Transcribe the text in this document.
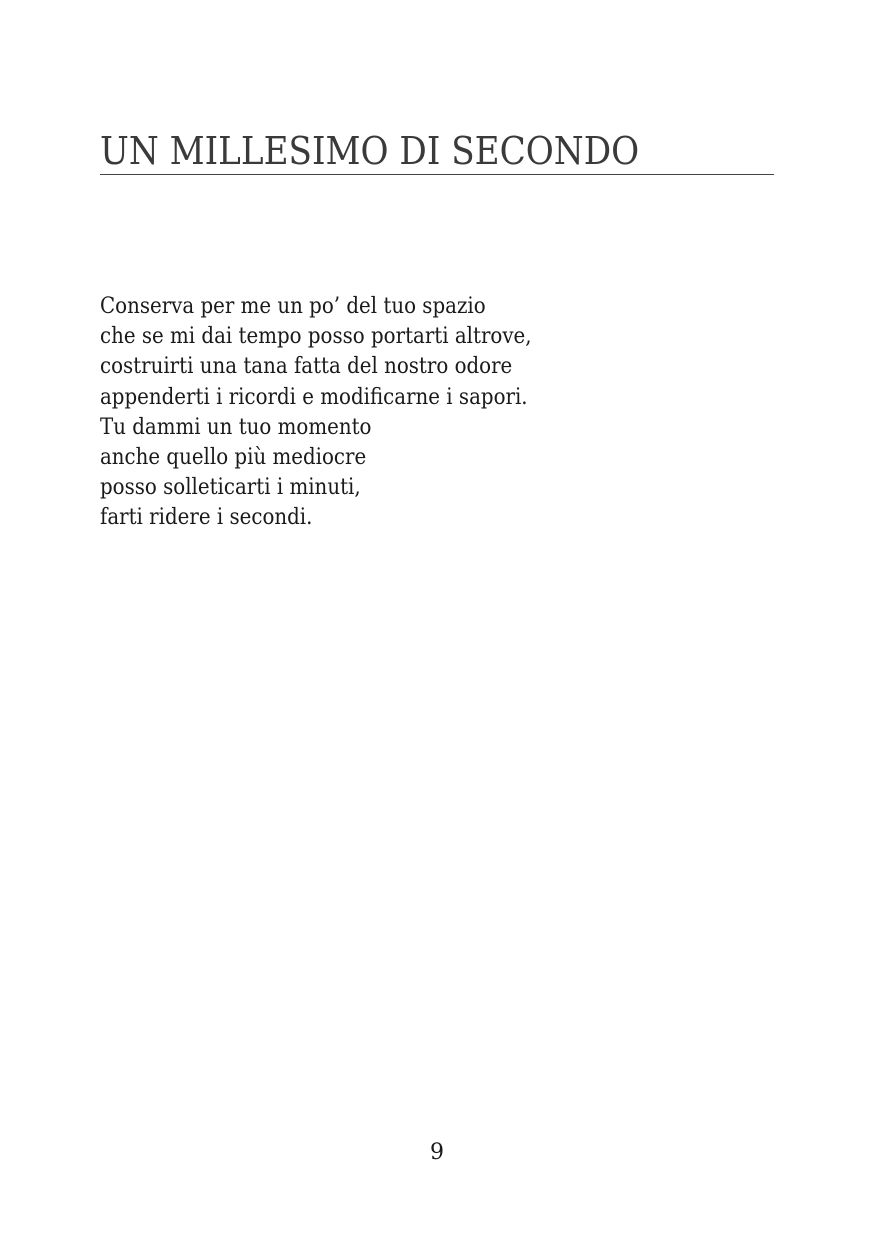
UN MILLESIMO DI SECONDO
Conserva per me un po’ del tuo spazio
che se mi dai tempo posso portarti altrove,
costruirti una tana fatta del nostro odore
appenderti i ricordi e modificarne i sapori.
Tu dammi un tuo momento
anche quello più mediocre
posso solleticarti i minuti,
farti ridere i secondi.
9
